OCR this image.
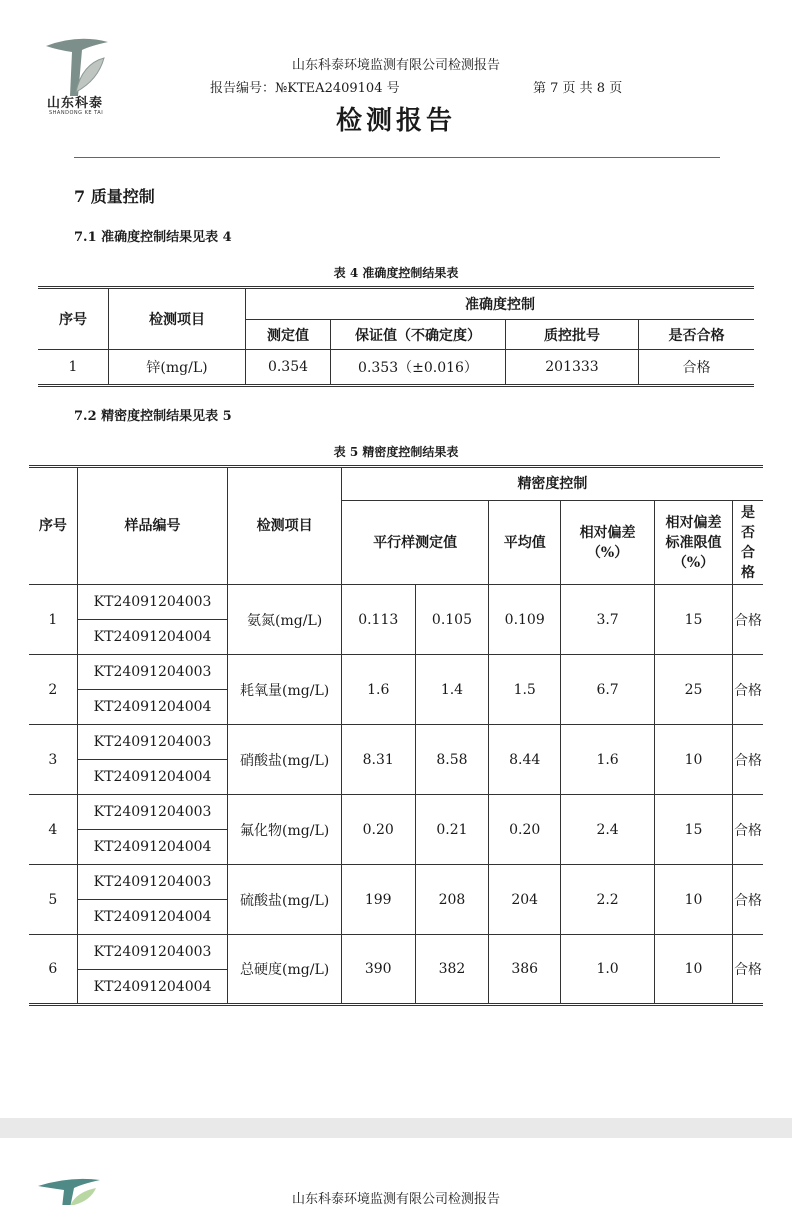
山东科泰
SHANDONG KE TAI
山东科泰环境监测有限公司检测报告
报告编号：№KTEA2409104 号	第 7 页 共 8 页
检测报告
7 质量控制
7.1 准确度控制结果见表 4
表 4 准确度控制结果表
序号	检测项目	准确度控制			
		测定值	保证值（不确定度）	质控批号	是否合格
1	锌(mg/L)	0.354	0.353（±0.016）	201333	合格
7.2 精密度控制结果见表 5
表 5 精密度控制结果表
序号	样品编号	检测项目	精密度控制					
			平行样测定值		平均值	相对偏差（%）	相对偏差标准限值（%）	是否合格
1	KT24091204003	氨氮(mg/L)	0.113	0.105	0.109	3.7	15	合格
	KT24091204004							
2	KT24091204003	耗氧量(mg/L)	1.6	1.4	1.5	6.7	25	合格
	KT24091204004							
3	KT24091204003	硝酸盐(mg/L)	8.31	8.58	8.44	1.6	10	合格
	KT24091204004							
4	KT24091204003	氟化物(mg/L)	0.20	0.21	0.20	2.4	15	合格
	KT24091204004							
5	KT24091204003	硫酸盐(mg/L)	199	208	204	2.2	10	合格
	KT24091204004							
6	KT24091204003	总硬度(mg/L)	390	382	386	1.0	10	合格
	KT24091204004							
山东科泰环境监测有限公司检测报告
